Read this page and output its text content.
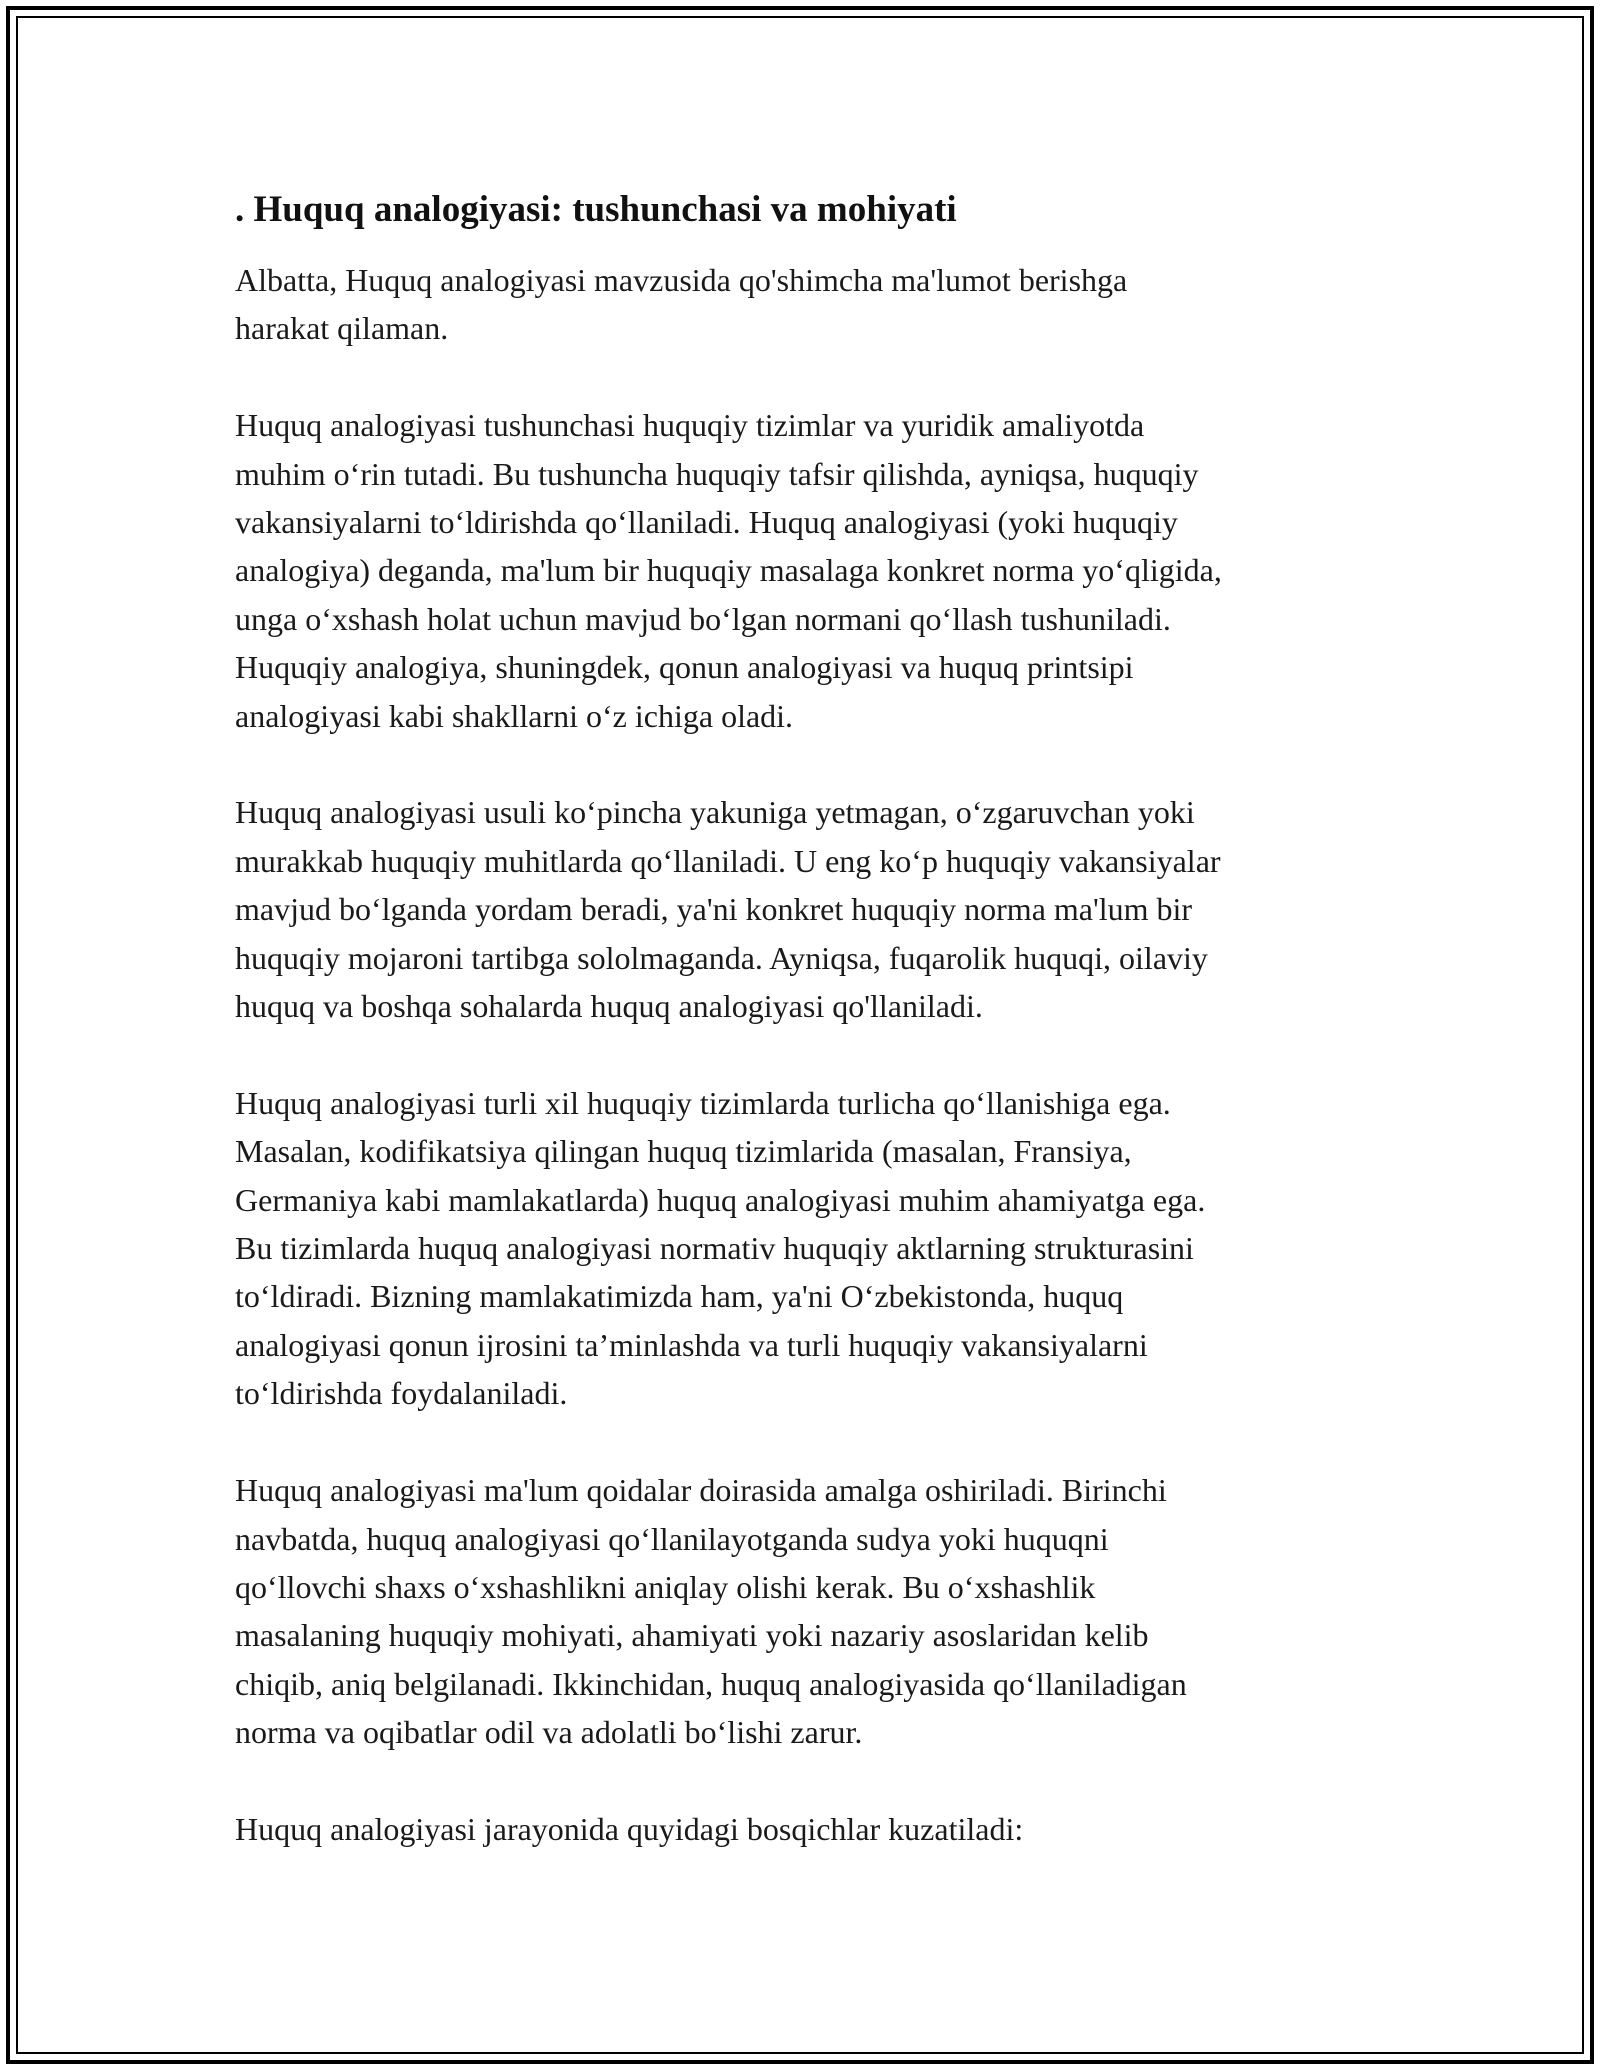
. Huquq analogiyasi: tushunchasi va mohiyati

Albatta, Huquq analogiyasi mavzusida qo'shimcha ma'lumot berishga
harakat qilaman.

Huquq analogiyasi tushunchasi huquqiy tizimlar va yuridik amaliyotda
muhim o‘rin tutadi. Bu tushuncha huquqiy tafsir qilishda, ayniqsa, huquqiy
vakansiyalarni to‘ldirishda qo‘llaniladi. Huquq analogiyasi (yoki huquqiy
analogiya) deganda, ma'lum bir huquqiy masalaga konkret norma yo‘qligida,
unga o‘xshash holat uchun mavjud bo‘lgan normani qo‘llash tushuniladi.
Huquqiy analogiya, shuningdek, qonun analogiyasi va huquq printsipi
analogiyasi kabi shakllarni o‘z ichiga oladi.

Huquq analogiyasi usuli ko‘pincha yakuniga yetmagan, o‘zgaruvchan yoki
murakkab huquqiy muhitlarda qo‘llaniladi. U eng ko‘p huquqiy vakansiyalar
mavjud bo‘lganda yordam beradi, ya'ni konkret huquqiy norma ma'lum bir
huquqiy mojaroni tartibga sololmaganda. Ayniqsa, fuqarolik huquqi, oilaviy
huquq va boshqa sohalarda huquq analogiyasi qo'llaniladi.

Huquq analogiyasi turli xil huquqiy tizimlarda turlicha qo‘llanishiga ega.
Masalan, kodifikatsiya qilingan huquq tizimlarida (masalan, Fransiya,
Germaniya kabi mamlakatlarda) huquq analogiyasi muhim ahamiyatga ega.
Bu tizimlarda huquq analogiyasi normativ huquqiy aktlarning strukturasini
to‘ldiradi. Bizning mamlakatimizda ham, ya'ni O‘zbekistonda, huquq
analogiyasi qonun ijrosini ta’minlashda va turli huquqiy vakansiyalarni
to‘ldirishda foydalaniladi.

Huquq analogiyasi ma'lum qoidalar doirasida amalga oshiriladi. Birinchi
navbatda, huquq analogiyasi qo‘llanilayotganda sudya yoki huquqni
qo‘llovchi shaxs o‘xshashlikni aniqlay olishi kerak. Bu o‘xshashlik
masalaning huquqiy mohiyati, ahamiyati yoki nazariy asoslaridan kelib
chiqib, aniq belgilanadi. Ikkinchidan, huquq analogiyasida qo‘llaniladigan
norma va oqibatlar odil va adolatli bo‘lishi zarur.

Huquq analogiyasi jarayonida quyidagi bosqichlar kuzatiladi:
